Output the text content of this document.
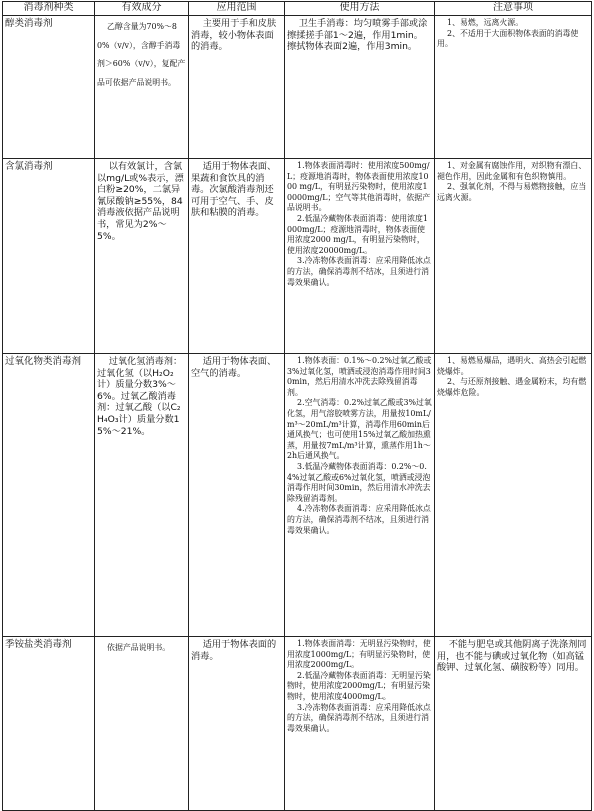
消毒剂种类	有效成分	应用范围	使用方法	注意事项

醇类消毒剂	乙醇含量为70%～80%（v/v），含醇手消毒剂＞60%（v/v），复配产品可依据产品说明书。	主要用于手和皮肤消毒，较小物体表面的消毒。	卫生手消毒：均匀喷雾手部或涂擦揉搓手部1～2遍，作用1min。擦拭物体表面2遍，作用3min。	1、易燃，远离火源。
2、不适用于大面积物体表面的消毒使用。

含氯消毒剂	以有效氯计，含氯以mg/L或%表示，漂白粉≥20%，二氯异氰尿酸钠≥55%，84消毒液依据产品说明书，常见为2%～5%。	适用于物体表面、果蔬和食饮具的消毒。次氯酸消毒剂还可用于空气、手、皮肤和粘膜的消毒。	1.物体表面消毒时：使用浓度500mg/L；疫源地消毒时，物体表面使用浓度1000 mg/L，有明显污染物时，使用浓度10000mg/L；空气等其他消毒时，依据产品说明书。
2.低温冷藏物体表面消毒：使用浓度1000mg/L；疫源地消毒时，物体表面使用浓度2000 mg/L，有明显污染物时，使用浓度20000mg/L。
3.冷冻物体表面消毒：应采用降低冰点的方法，确保消毒剂不结冰，且须进行消毒效果确认。	1、对金属有腐蚀作用，对织物有漂白、褪色作用，因此金属和有色织物慎用。
2、强氧化剂，不得与易燃物接触，应当远离火源。

过氧化物类消毒剂	过氧化氢消毒剂：过氧化氢（以H₂O₂计）质量分数3%～6%。过氧乙酸消毒剂：过氧乙酸（以C₂H₄O₃计）质量分数15%～21%。	适用于物体表面、空气的消毒。	1.物体表面：0.1%～0.2%过氧乙酸或3%过氧化氢，喷洒或浸泡消毒作用时间30min，然后用清水冲洗去除残留消毒剂。
2.空气消毒：0.2%过氧乙酸或3%过氧化氢，用气溶胶喷雾方法，用量按10mL/m³～20mL/m³计算，消毒作用60min后通风换气；也可使用15%过氧乙酸加热熏蒸，用量按7mL/m³计算，熏蒸作用1h～2h后通风换气。
3.低温冷藏物体表面消毒：0.2%～0.4%过氧乙酸或6%过氧化氢，喷洒或浸泡消毒作用时间30min，然后用清水冲洗去除残留消毒剂。
4.冷冻物体表面消毒：应采用降低冰点的方法，确保消毒剂不结冰，且须进行消毒效果确认。	1、易燃易爆品，遇明火、高热会引起燃烧爆炸。
2、与还原剂接触、遇金属粉末，均有燃烧爆炸危险。

季铵盐类消毒剂	依据产品说明书。	适用于物体表面的消毒。	1.物体表面消毒：无明显污染物时，使用浓度1000mg/L；有明显污染物时，使用浓度2000mg/L。
2.低温冷藏物体表面消毒：无明显污染物时，使用浓度2000mg/L；有明显污染物时，使用浓度4000mg/L。
3.冷冻物体表面消毒：应采用降低冰点的方法，确保消毒剂不结冰，且须进行消毒效果确认。	不能与肥皂或其他阴离子洗涤剂同用，也不能与碘或过氧化物（如高锰酸钾、过氧化氢、磺胺粉等）同用。
